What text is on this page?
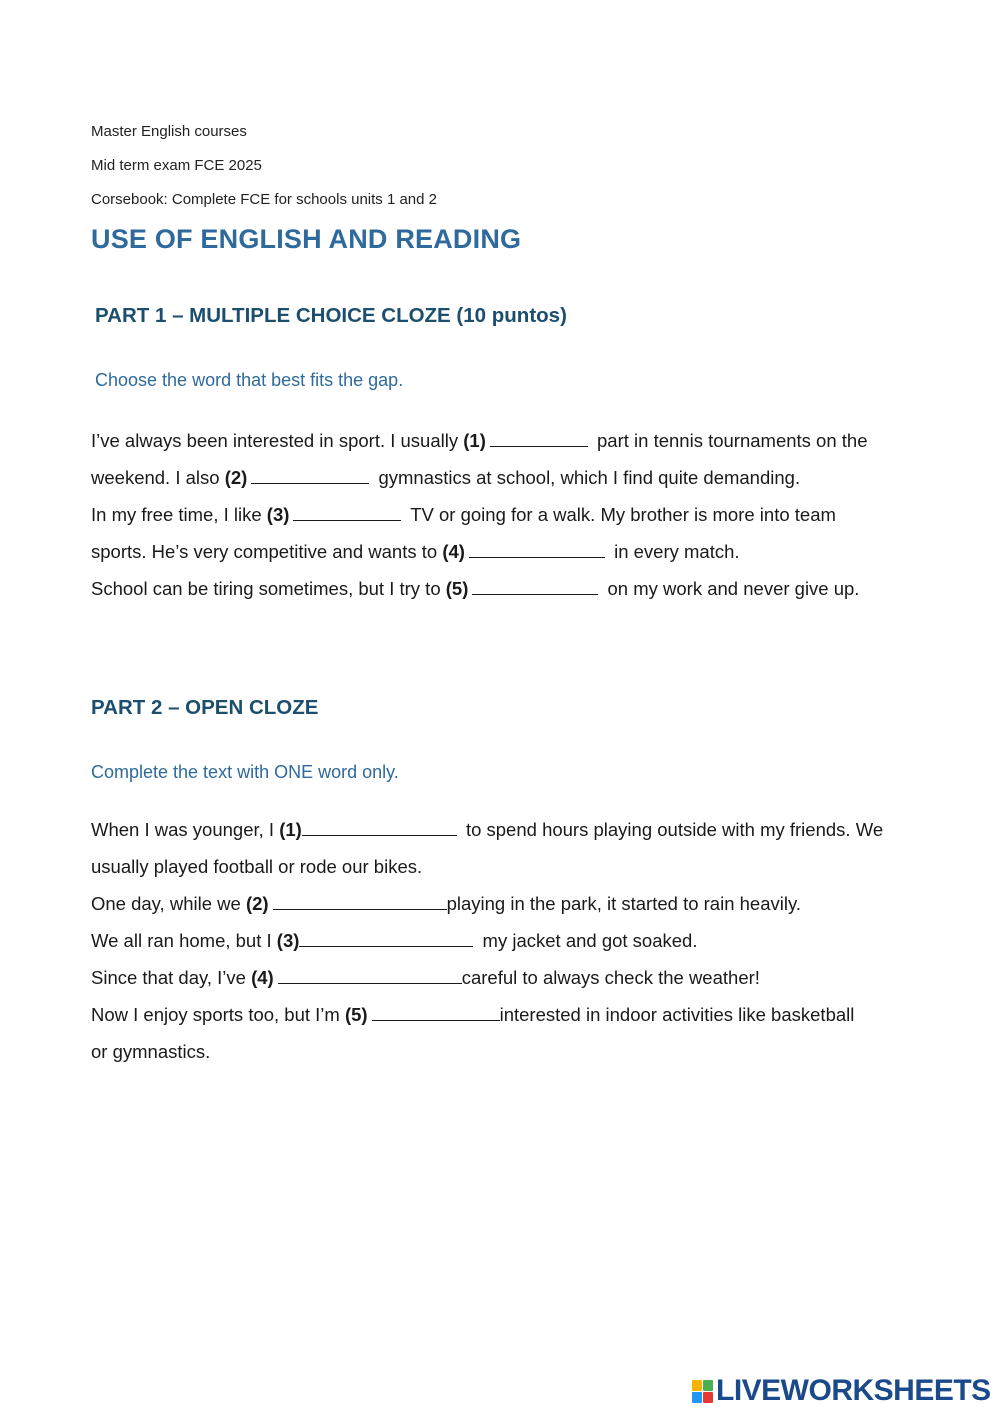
Master English courses
Mid term exam FCE 2025
Corsebook: Complete FCE for schools units 1 and 2
USE OF ENGLISH AND READING
PART 1 – MULTIPLE CHOICE CLOZE (10 puntos)
Choose the word that best fits the gap.
I’ve always been interested in sport. I usually (1)	part in tennis tournaments on the
weekend. I also (2)	gymnastics at school, which I find quite demanding.
In my free time, I like (3)	TV or going for a walk. My brother is more into team
sports. He’s very competitive and wants to (4)	in every match.
School can be tiring sometimes, but I try to (5)	on my work and never give up.
PART 2 – OPEN CLOZE
Complete the text with ONE word only.
When I was younger, I (1)	to spend hours playing outside with my friends. We
usually played football or rode our bikes.
One day, while we (2)	playing in the park, it started to rain heavily.
We all ran home, but I (3)	my jacket and got soaked.
Since that day, I’ve (4)	careful to always check the weather!
Now I enjoy sports too, but I’m (5)	interested in indoor activities like basketball
or gymnastics.
LIVEWORKSHEETS
